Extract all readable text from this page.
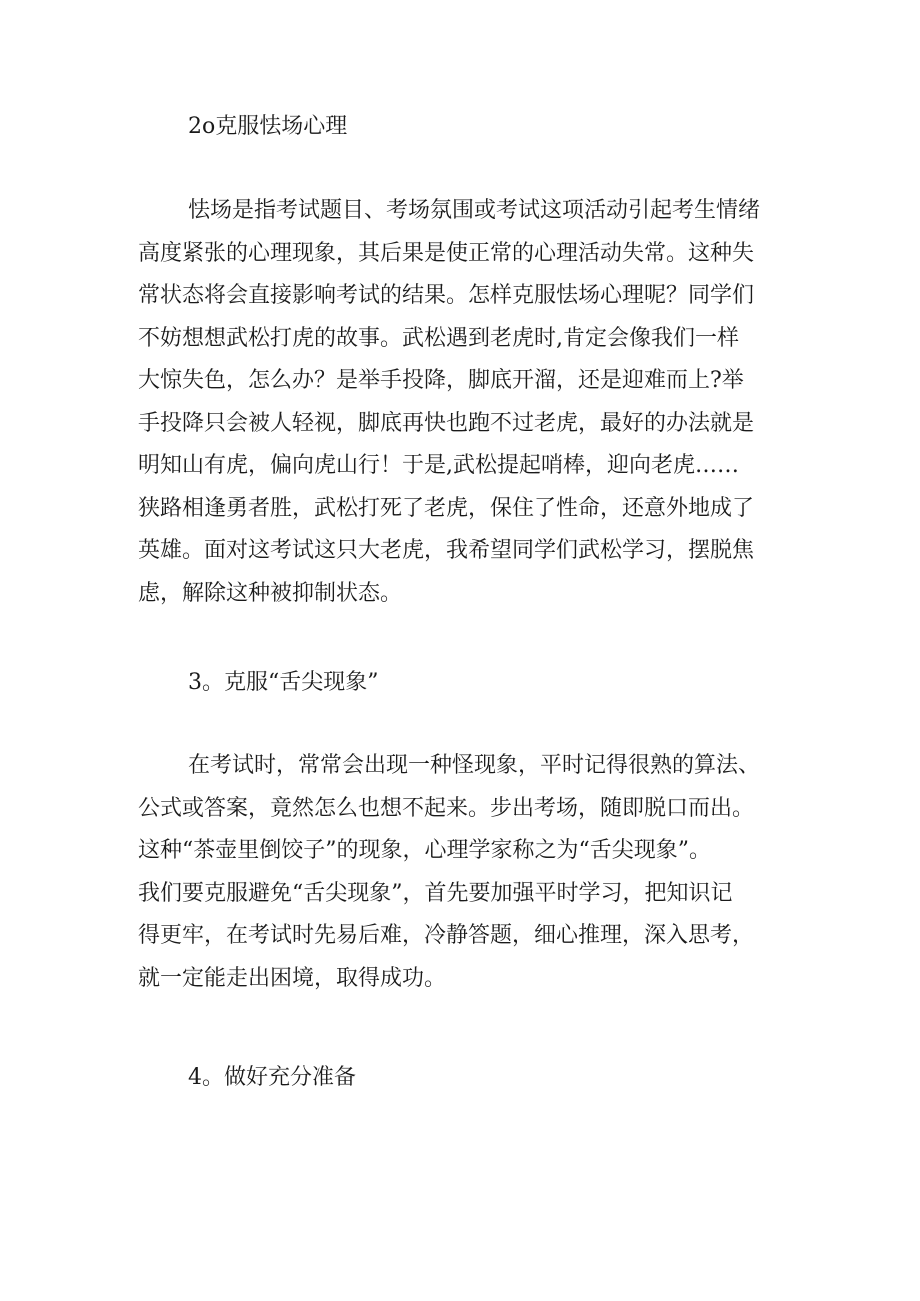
2o克服怯场心理
怯场是指考试题目、考场氛围或考试这项活动引起考生情绪
高度紧张的心理现象，其后果是使正常的心理活动失常。这种失
常状态将会直接影响考试的结果。怎样克服怯场心理呢？同学们
不妨想想武松打虎的故事。武松遇到老虎时,肯定会像我们一样
大惊失色，怎么办？是举手投降，脚底开溜，还是迎难而上?举
手投降只会被人轻视，脚底再快也跑不过老虎，最好的办法就是
明知山有虎，偏向虎山行！于是,武松提起哨棒，迎向老虎……
狭路相逢勇者胜，武松打死了老虎，保住了性命，还意外地成了
英雄。面对这考试这只大老虎，我希望同学们武松学习，摆脱焦
虑，解除这种被抑制状态。
3。克服“舌尖现象”
在考试时，常常会出现一种怪现象，平时记得很熟的算法、
公式或答案，竟然怎么也想不起来。步出考场，随即脱口而出。
这种“茶壶里倒饺子”的现象，心理学家称之为“舌尖现象”。
我们要克服避免“舌尖现象”，首先要加强平时学习，把知识记
得更牢，在考试时先易后难，冷静答题，细心推理，深入思考，
就一定能走出困境，取得成功。
4。做好充分准备
